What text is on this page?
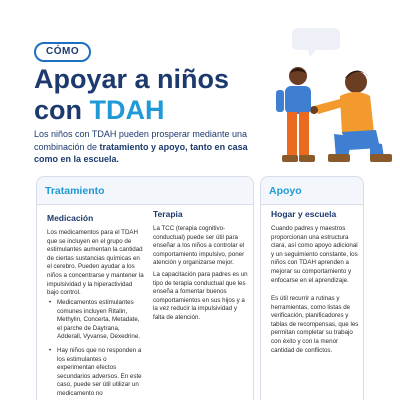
CÓMO
Apoyar a niños
con TDAH

Los niños con TDAH pueden prosperar mediante una combinación de tratamiento y apoyo, tanto en casa como en la escuela.

Tratamiento
Medicación
Los medicamentos para el TDAH que se incluyen en el grupo de estimulantes aumentan la cantidad de ciertas sustancias químicas en el cerebro. Pueden ayudar a los niños a concentrarse y mantener la impulsividad y la hiperactividad bajo control.
• Medicamentos estimulantes comunes incluyen Ritalin, Methylin, Concerta, Metadate, el parche de Daytrana, Adderall, Vyvanse, Dexedrine.
• Hay niños que no responden a los estimulantes o experimentan efectos secundarios adversos. En este caso, puede ser útil utilizar un medicamento no
Terapia
La TCC (terapia cognitivo-conductual) puede ser útil para enseñar a los niños a controlar el comportamiento impulsivo, poner atención y organizarse mejor.
La capacitación para padres es un tipo de terapia conductual que les enseña a fomentar buenos comportamientos en sus hijos y a la vez reducir la impulsividad y falta de atención.
Apoyo
Hogar y escuela
Cuando padres y maestros proporcionan una estructura clara, así como apoyo adicional y un seguimiento constante, los niños con TDAH aprenden a mejorar su comportamiento y enfocarse en el aprendizaje.
Es útil recurrir a rutinas y herramientas, como listas de verificación, planificadores y tablas de recompensas, que les permitan completar su trabajo con éxito y con la menor cantidad de conflictos.
